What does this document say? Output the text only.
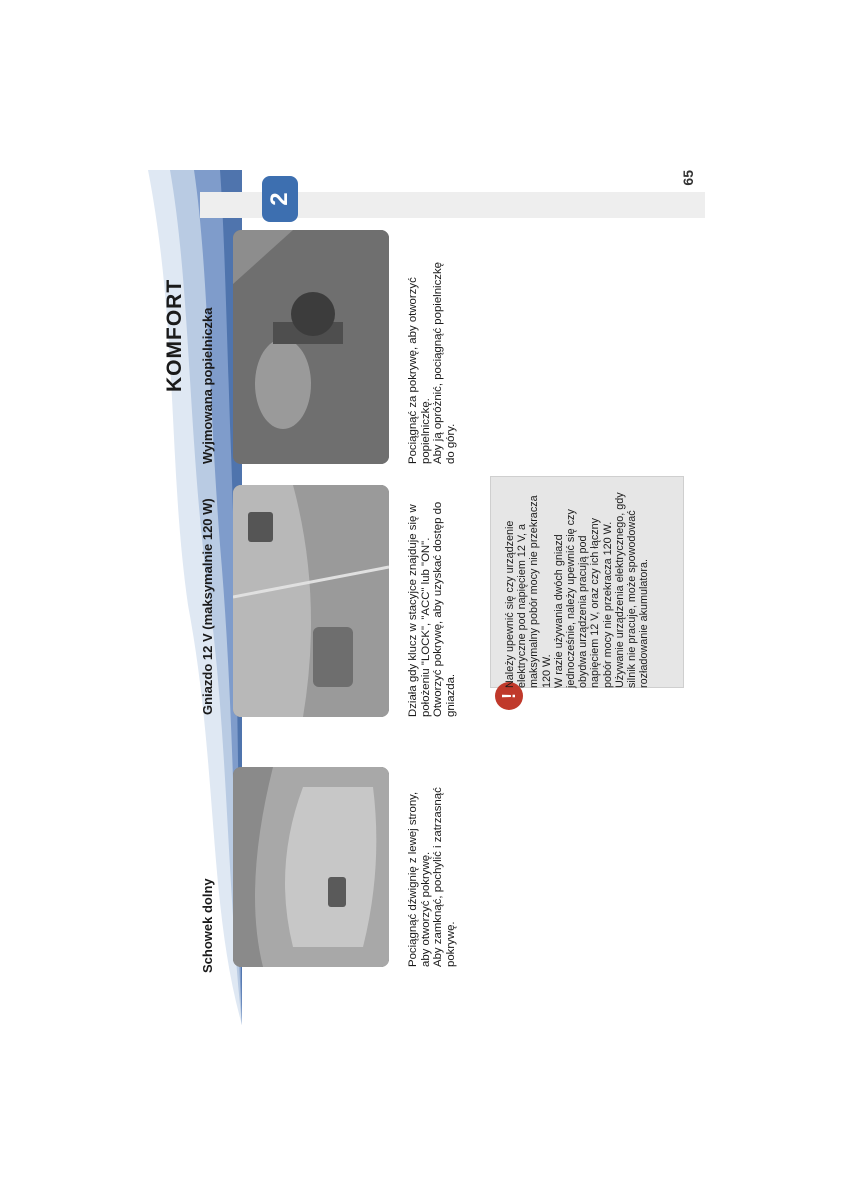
2
65
KOMFORT
Schowek dolny	Pociągnąć dźwignię z lewej strony, aby otworzyć pokrywę. Aby zamknąć, pochylić i zatrzasnąć pokrywę.

Gniazdo 12 V (maksymalnie 120 W)	Działa gdy klucz w stacyjce znajduje się w położeniu "LOCK", "ACC" lub "ON". Otworzyć pokrywę, aby uzyskać dostęp do gniazda.

Wyjmowana popielniczka	Pociągnąć za pokrywę, aby otworzyć popielniczkę. Aby ją opróżnić, pociągnąć popielniczkę do góry.

!

Należy upewnić się czy urządzenie elektryczne pod napięciem 12 V, a maksymalny pobór mocy nie przekracza 120 W. W razie używania dwóch gniazd jednocześnie, należy upewnić się czy obydwa urządzenia pracują pod napięciem 12 V, oraz czy ich łączny pobór mocy nie przekracza 120 W. Używanie urządzenia elektrycznego, gdy silnik nie pracuje, może spowodować rozładowanie akumulatora.
